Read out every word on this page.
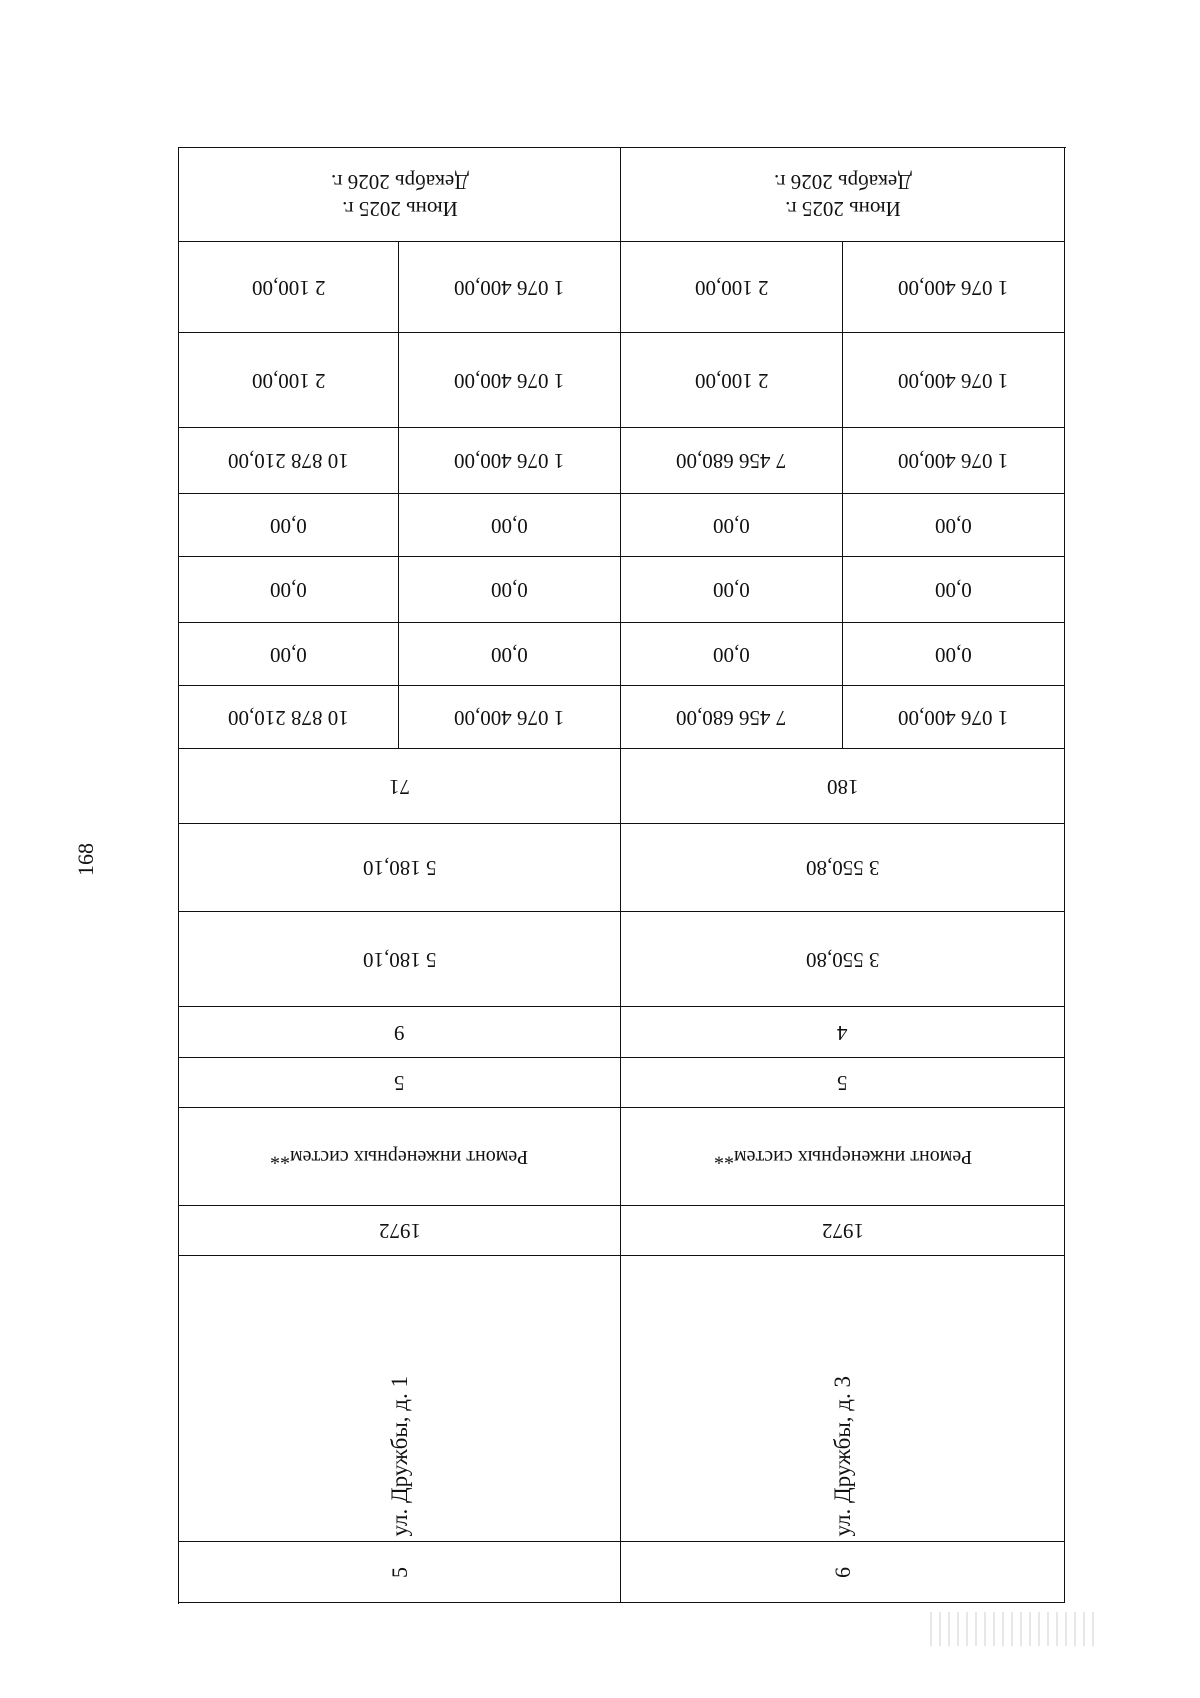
168
Июнь 2025 г.
Декабрь 2026 г.
2 100,00	1 076 400,00
2 100,00	1 076 400,00
10 878 210,00	1 076 400,00
0,00	0,00
0,00	0,00
0,00	0,00
10 878 210,00	1 076 400,00
71
5 180,10
5 180,10
9
5
Ремонт инженерных систем**
1972
ул. Дружбы, д. 1
5
Июнь 2025 г.
Декабрь 2026 г.
2 100,00	1 076 400,00
2 100,00	1 076 400,00
7 456 680,00	1 076 400,00
0,00	0,00
0,00	0,00
0,00	0,00
7 456 680,00	1 076 400,00
180
3 550,80
3 550,80
4
5
Ремонт инженерных систем**
1972
ул. Дружбы, д. 3
6
